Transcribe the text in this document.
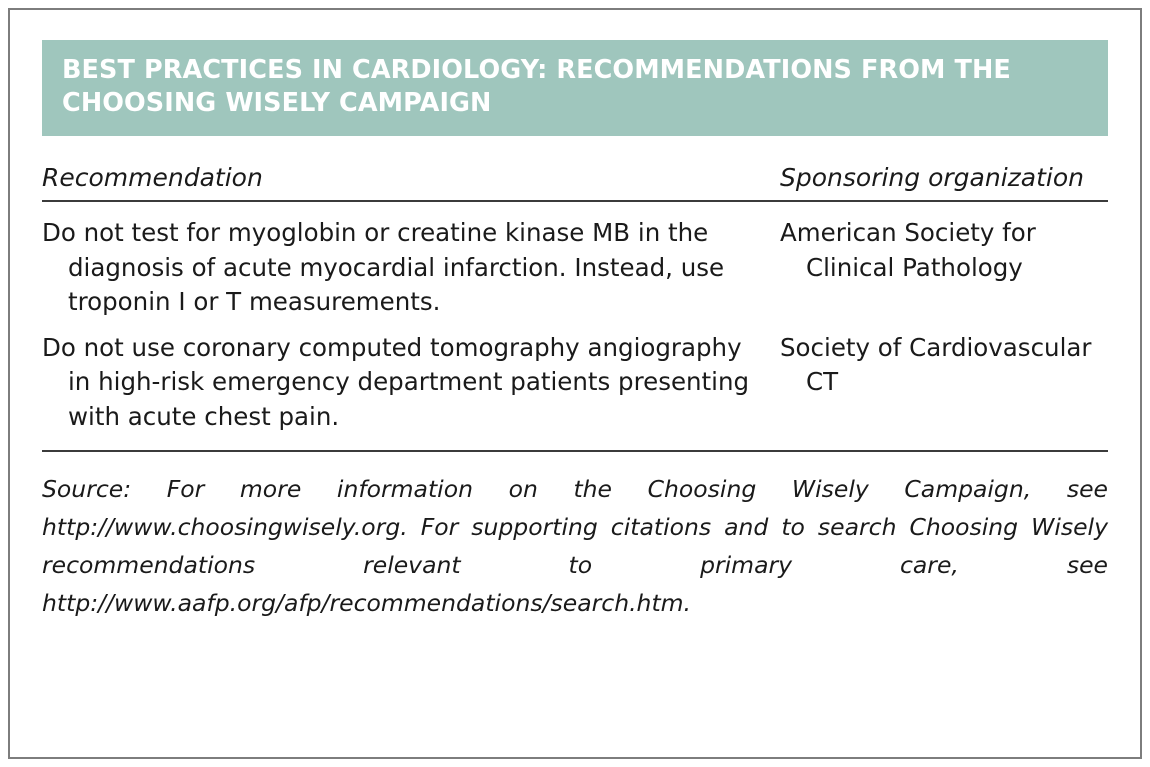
BEST PRACTICES IN CARDIOLOGY: RECOMMENDATIONS FROM THE CHOOSING WISELY CAMPAIGN
Recommendation	Sponsoring organization
Do not test for myoglobin or creatine kinase MB in the diagnosis of acute myocardial infarction. Instead, use troponin I or T measurements.
American Society for Clinical Pathology
Do not use coronary computed tomography angiography in high-risk emergency department patients presenting with acute chest pain.
Society of Cardiovascular CT
Source: For more information on the Choosing Wisely Campaign, see http://www.choosingwisely.org. For supporting citations and to search Choosing Wisely recommendations relevant to primary care, see http://www.aafp.org/afp/recommendations/search.htm.
